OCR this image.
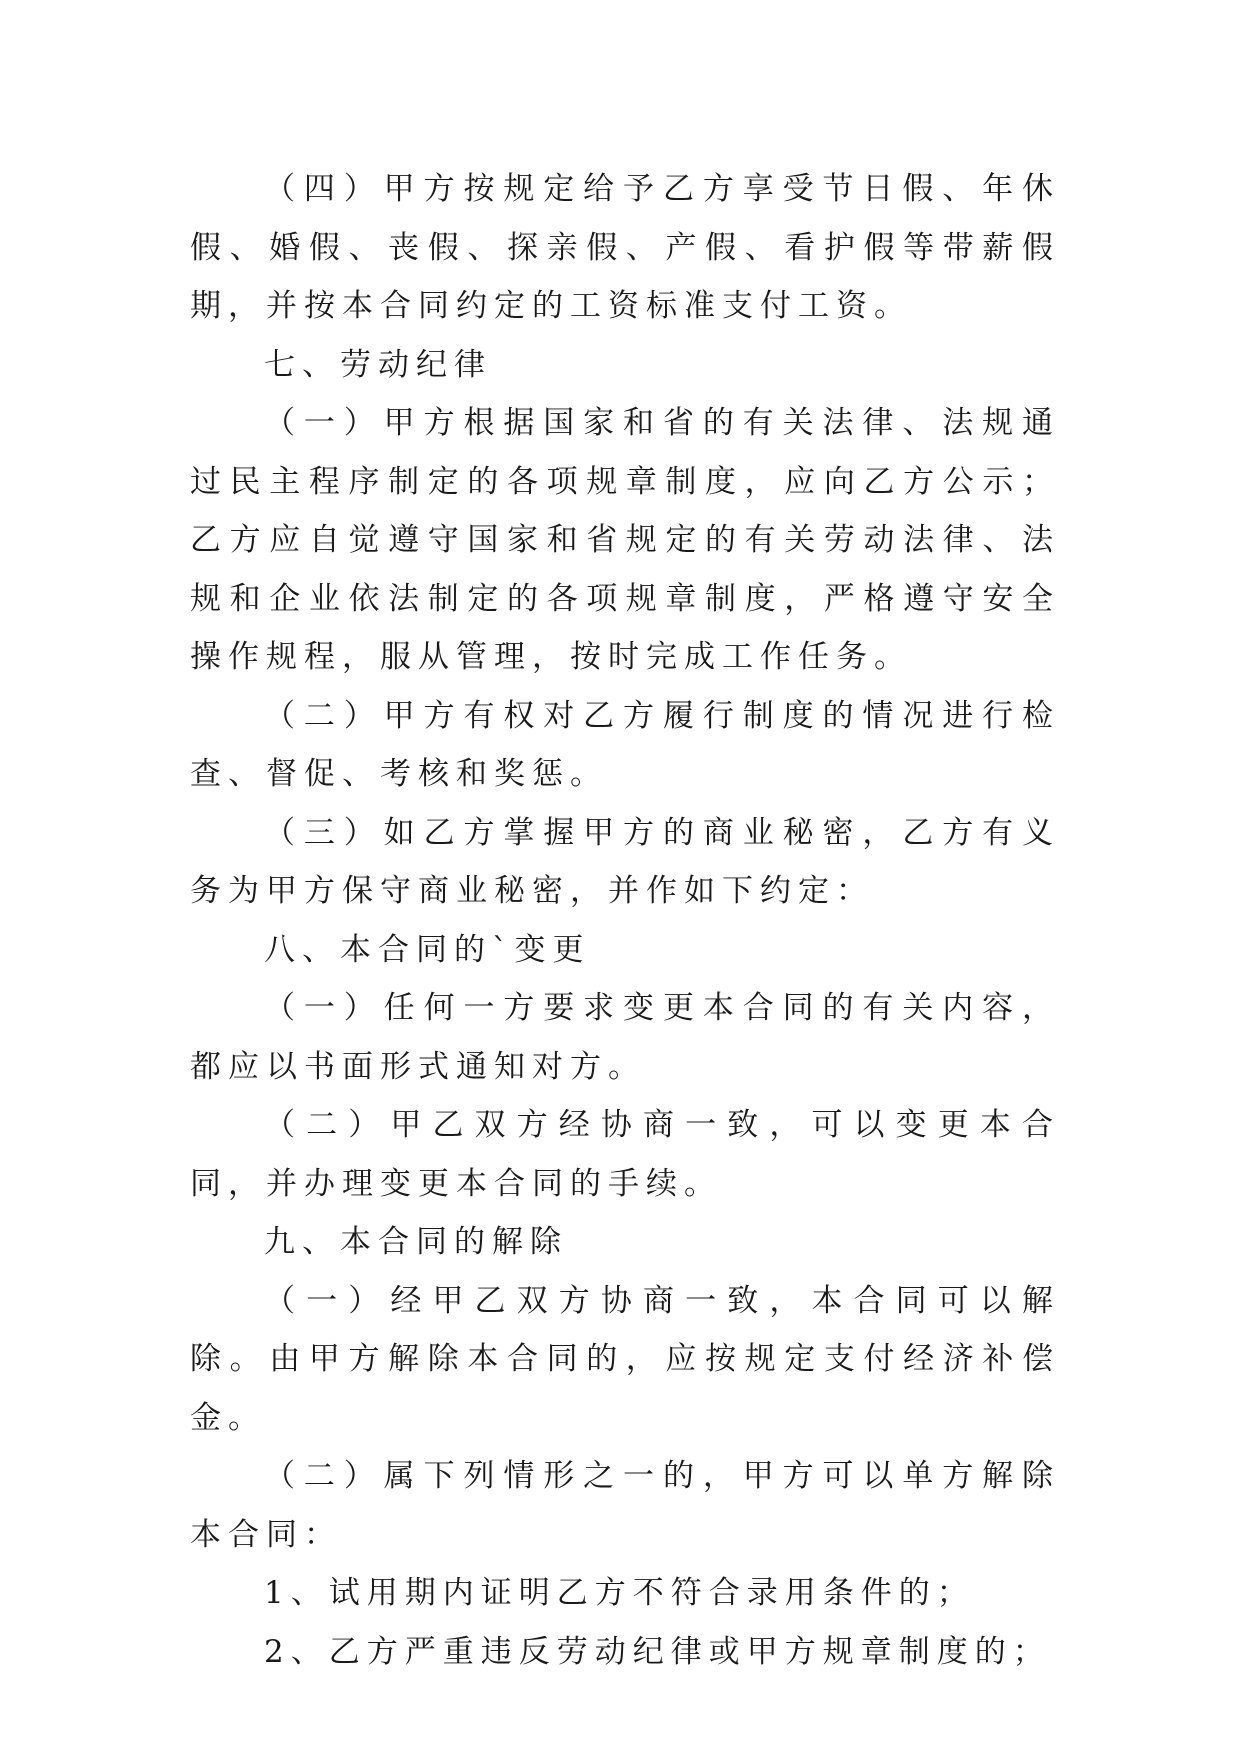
（四）甲方按规定给予乙方享受节日假、年休假、婚假、丧假、探亲假、产假、看护假等带薪假期，并按本合同约定的工资标准支付工资。

七、劳动纪律

（一）甲方根据国家和省的有关法律、法规通过民主程序制定的各项规章制度，应向乙方公示；乙方应自觉遵守国家和省规定的有关劳动法律、法规和企业依法制定的各项规章制度，严格遵守安全操作规程，服从管理，按时完成工作任务。

（二）甲方有权对乙方履行制度的情况进行检查、督促、考核和奖惩。

（三）如乙方掌握甲方的商业秘密，乙方有义务为甲方保守商业秘密，并作如下约定：

八、本合同的`变更

（一）任何一方要求变更本合同的有关内容，都应以书面形式通知对方。

（二）甲乙双方经协商一致，可以变更本合同，并办理变更本合同的手续。

九、本合同的解除

（一）经甲乙双方协商一致，本合同可以解除。由甲方解除本合同的，应按规定支付经济补偿金。

（二）属下列情形之一的，甲方可以单方解除本合同：

1、试用期内证明乙方不符合录用条件的；

2、乙方严重违反劳动纪律或甲方规章制度的；
